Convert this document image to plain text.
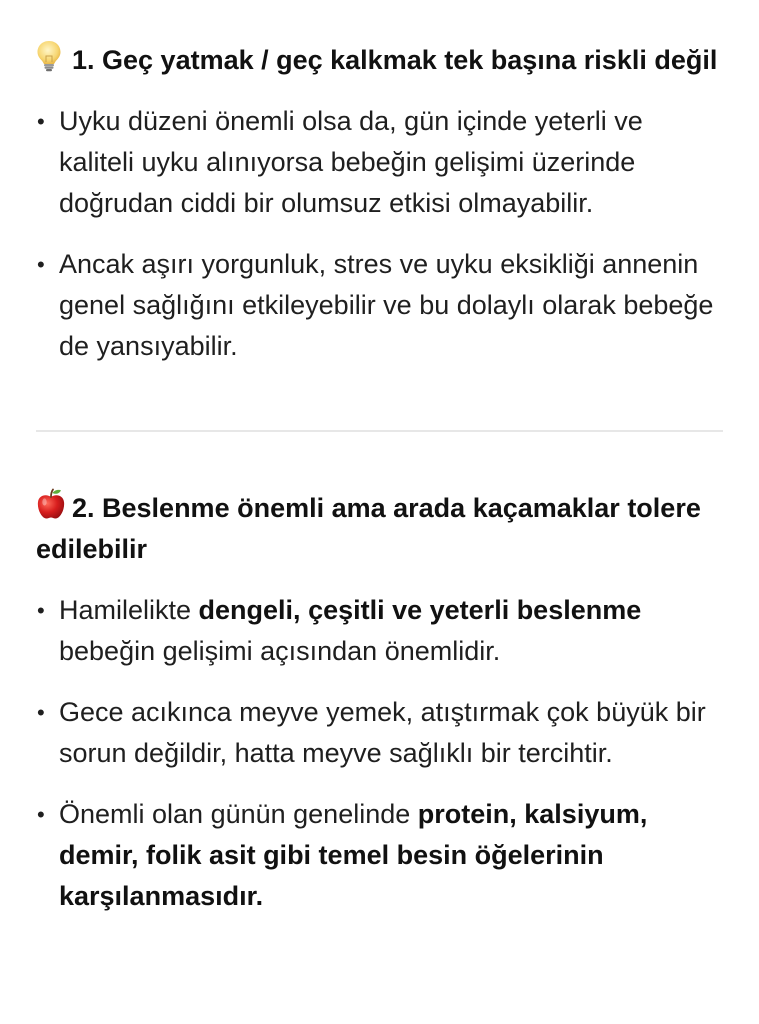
1. Geç yatmak / geç kalkmak tek başına riskli değil
• Uyku düzeni önemli olsa da, gün içinde yeterli ve kaliteli uyku alınıyorsa bebeğin gelişimi üzerinde doğrudan ciddi bir olumsuz etkisi olmayabilir.
• Ancak aşırı yorgunluk, stres ve uyku eksikliği annenin genel sağlığını etkileyebilir ve bu dolaylı olarak bebeğe de yansıyabilir.
2. Beslenme önemli ama arada kaçamaklar tolere edilebilir
• Hamilelikte dengeli, çeşitli ve yeterli beslenme bebeğin gelişimi açısından önemlidir.
• Gece acıkınca meyve yemek, atıştırmak çok büyük bir sorun değildir, hatta meyve sağlıklı bir tercihtir.
• Önemli olan günün genelinde protein, kalsiyum, demir, folik asit gibi temel besin öğelerinin karşılanmasıdır.
